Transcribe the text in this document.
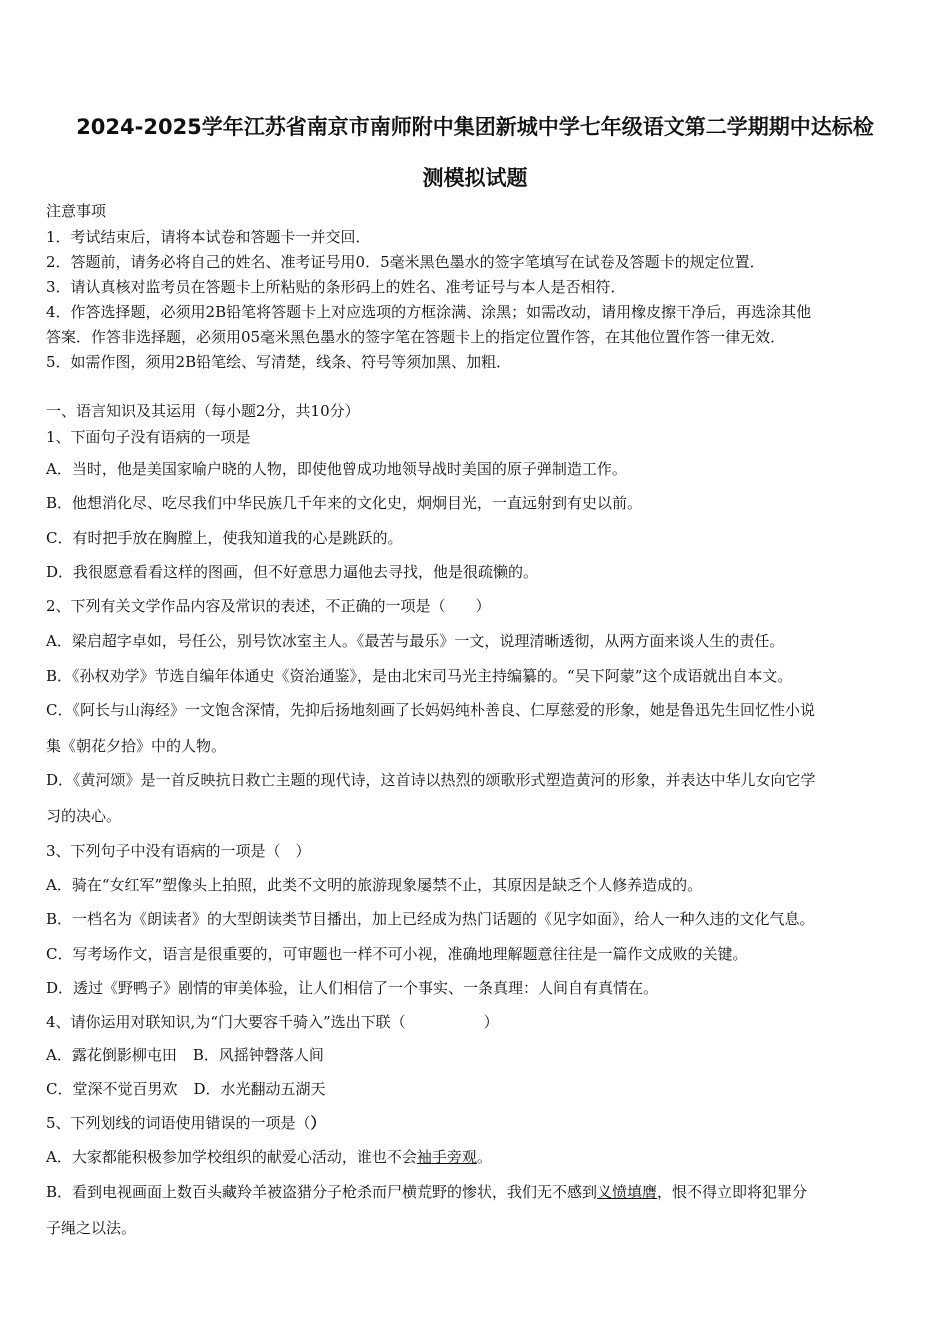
2024-2025学年江苏省南京市南师附中集团新城中学七年级语文第二学期期中达标检
测模拟试题
注意事项
1．考试结束后，请将本试卷和答题卡一并交回．
2．答题前，请务必将自己的姓名、准考证号用0．5毫米黑色墨水的签字笔填写在试卷及答题卡的规定位置．
3．请认真核对监考员在答题卡上所粘贴的条形码上的姓名、准考证号与本人是否相符．
4．作答选择题，必须用2B铅笔将答题卡上对应选项的方框涂满、涂黑；如需改动，请用橡皮擦干净后，再选涂其他
答案．作答非选择题，必须用05毫米黑色墨水的签字笔在答题卡上的指定位置作答，在其他位置作答一律无效．
5．如需作图，须用2B铅笔绘、写清楚，线条、符号等须加黑、加粗．
一、语言知识及其运用（每小题2分，共10分）
1、下面句子没有语病的一项是
A．当时，他是美国家喻户晓的人物，即使他曾成功地领导战时美国的原子弹制造工作。
B．他想消化尽、吃尽我们中华民族几千年来的文化史，炯炯目光，一直远射到有史以前。
C．有时把手放在胸膛上，使我知道我的心是跳跃的。
D．我很愿意看看这样的图画，但不好意思力逼他去寻找，他是很疏懒的。
2、下列有关文学作品内容及常识的表述，不正确的一项是（　　）
A．梁启超字卓如，号任公，别号饮冰室主人。《最苦与最乐》一文，说理清晰透彻，从两方面来谈人生的责任。
B．《孙权劝学》节选自编年体通史《资治通鉴》，是由北宋司马光主持编纂的。“吴下阿蒙”这个成语就出自本文。
C．《阿长与山海经》一文饱含深情，先抑后扬地刻画了长妈妈纯朴善良、仁厚慈爱的形象，她是鲁迅先生回忆性小说
集《朝花夕拾》中的人物。
D．《黄河颂》是一首反映抗日救亡主题的现代诗，这首诗以热烈的颂歌形式塑造黄河的形象，并表达中华儿女向它学
习的决心。
3、下列句子中没有语病的一项是（　）
A．骑在“女红军”塑像头上拍照，此类不文明的旅游现象屡禁不止，其原因是缺乏个人修养造成的。
B．一档名为《朗读者》的大型朗读类节目播出，加上已经成为热门话题的《见字如面》，给人一种久违的文化气息。
C．写考场作文，语言是很重要的，可审题也一样不可小视，准确地理解题意往往是一篇作文成败的关键。
D．透过《野鸭子》剧情的审美体验，让人们相信了一个事实、一条真理：人间自有真情在。
4、请你运用对联知识,为“门大要容千骑入”选出下联（	）
A．露花倒影柳屯田 B．风摇钟磬落人间
C．堂深不觉百男欢 D．水光翻动五湖天
5、下列划线的词语使用错误的一项是（）
A．大家都能积极参加学校组织的献爱心活动，谁也不会袖手旁观。
B．看到电视画面上数百头藏羚羊被盗猎分子枪杀而尸横荒野的惨状，我们无不感到义愤填膺，恨不得立即将犯罪分
子绳之以法。
